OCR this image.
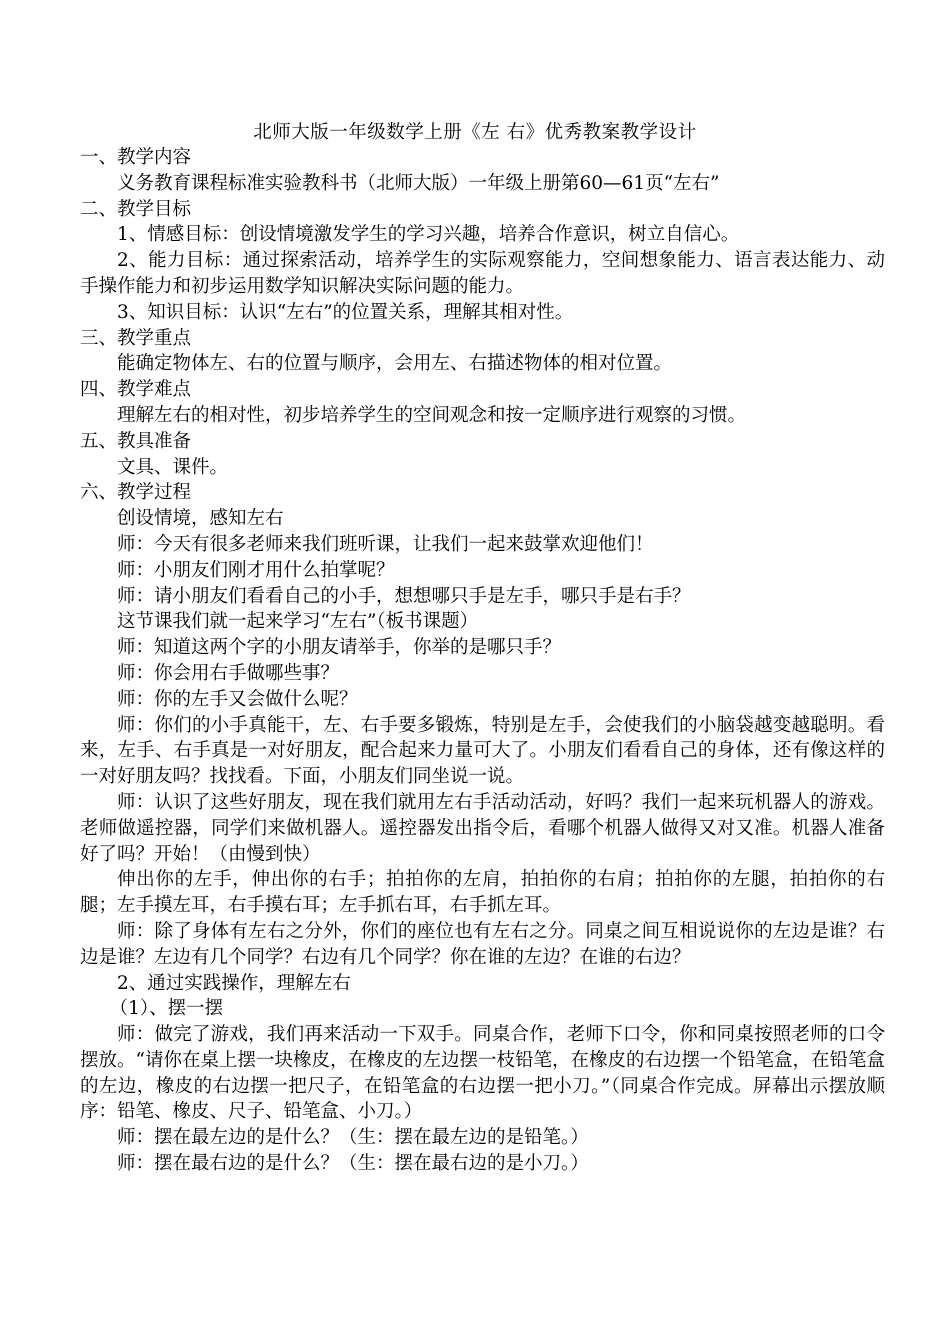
北师大版一年级数学上册《左 右》优秀教案教学设计

一、教学内容

义务教育课程标准实验教科书（北师大版）一年级上册第60—61页“左右”

二、教学目标

1、情感目标：创设情境激发学生的学习兴趣，培养合作意识，树立自信心。

2、能力目标：通过探索活动，培养学生的实际观察能力，空间想象能力、语言表达能力、动手操作能力和初步运用数学知识解决实际问题的能力。

3、知识目标：认识“左右”的位置关系，理解其相对性。

三、教学重点

能确定物体左、右的位置与顺序，会用左、右描述物体的相对位置。

四、教学难点

理解左右的相对性，初步培养学生的空间观念和按一定顺序进行观察的习惯。

五、教具准备

文具、课件。

六、教学过程

创设情境，感知左右

师：今天有很多老师来我们班听课，让我们一起来鼓掌欢迎他们！

师：小朋友们刚才用什么拍掌呢？

师：请小朋友们看看自己的小手，想想哪只手是左手，哪只手是右手？

这节课我们就一起来学习“左右”（板书课题）

师：知道这两个字的小朋友请举手，你举的是哪只手？

师：你会用右手做哪些事？

师：你的左手又会做什么呢？

师：你们的小手真能干，左、右手要多锻炼，特别是左手，会使我们的小脑袋越变越聪明。看来，左手、右手真是一对好朋友，配合起来力量可大了。小朋友们看看自己的身体，还有像这样的一对好朋友吗？找找看。下面，小朋友们同坐说一说。

师：认识了这些好朋友，现在我们就用左右手活动活动，好吗？我们一起来玩机器人的游戏。老师做遥控器，同学们来做机器人。遥控器发出指令后，看哪个机器人做得又对又准。机器人准备好了吗？开始！（由慢到快）

伸出你的左手，伸出你的右手；拍拍你的左肩，拍拍你的右肩；拍拍你的左腿，拍拍你的右腿；左手摸左耳，右手摸右耳；左手抓右耳，右手抓左耳。

师：除了身体有左右之分外，你们的座位也有左右之分。同桌之间互相说说你的左边是谁？右边是谁？左边有几个同学？右边有几个同学？你在谁的左边？在谁的右边？

2、通过实践操作，理解左右

（1）、摆一摆

师：做完了游戏，我们再来活动一下双手。同桌合作，老师下口令，你和同桌按照老师的口令摆放。“请你在桌上摆一块橡皮，在橡皮的左边摆一枝铅笔，在橡皮的右边摆一个铅笔盒，在铅笔盒的左边，橡皮的右边摆一把尺子，在铅笔盒的右边摆一把小刀。”（同桌合作完成。屏幕出示摆放顺序：铅笔、橡皮、尺子、铅笔盒、小刀。）

师：摆在最左边的是什么？（生：摆在最左边的是铅笔。）

师：摆在最右边的是什么？（生：摆在最右边的是小刀。）
